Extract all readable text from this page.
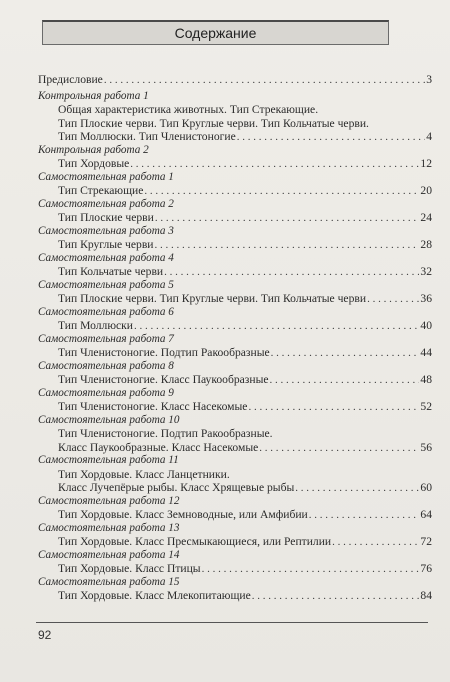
Содержание
Предисловие . . .	3
Контрольная работа 1
Общая характеристика животных. Тип Стрекающие.
Тип Плоские черви. Тип Круглые черви. Тип Кольчатые черви.
Тип Моллюски. Тип Членистоногие . . .	4
Контрольная работа 2
Тип Хордовые . . .	12
Самостоятельная работа 1
Тип Стрекающие . . .	20
Самостоятельная работа 2
Тип Плоские черви . . .	24
Самостоятельная работа 3
Тип Круглые черви . . .	28
Самостоятельная работа 4
Тип Кольчатые черви . . .	32
Самостоятельная работа 5
Тип Плоские черви. Тип Круглые черви. Тип Кольчатые черви . . .	36
Самостоятельная работа 6
Тип Моллюски . . .	40
Самостоятельная работа 7
Тип Членистоногие. Подтип Ракообразные . . .	44
Самостоятельная работа 8
Тип Членистоногие. Класс Паукообразные . . .	48
Самостоятельная работа 9
Тип Членистоногие. Класс Насекомые . . .	52
Самостоятельная работа 10
Тип Членистоногие. Подтип Ракообразные.
Класс Паукообразные. Класс Насекомые . . .	56
Самостоятельная работа 11
Тип Хордовые. Класс Ланцетники.
Класс Лучепёрые рыбы. Класс Хрящевые рыбы . . .	60
Самостоятельная работа 12
Тип Хордовые. Класс Земноводные, или Амфибии . . .	64
Самостоятельная работа 13
Тип Хордовые. Класс Пресмыкающиеся, или Рептилии . . .	72
Самостоятельная работа 14
Тип Хордовые. Класс Птицы . . .	76
Самостоятельная работа 15
Тип Хордовые. Класс Млекопитающие . . .	84
92
